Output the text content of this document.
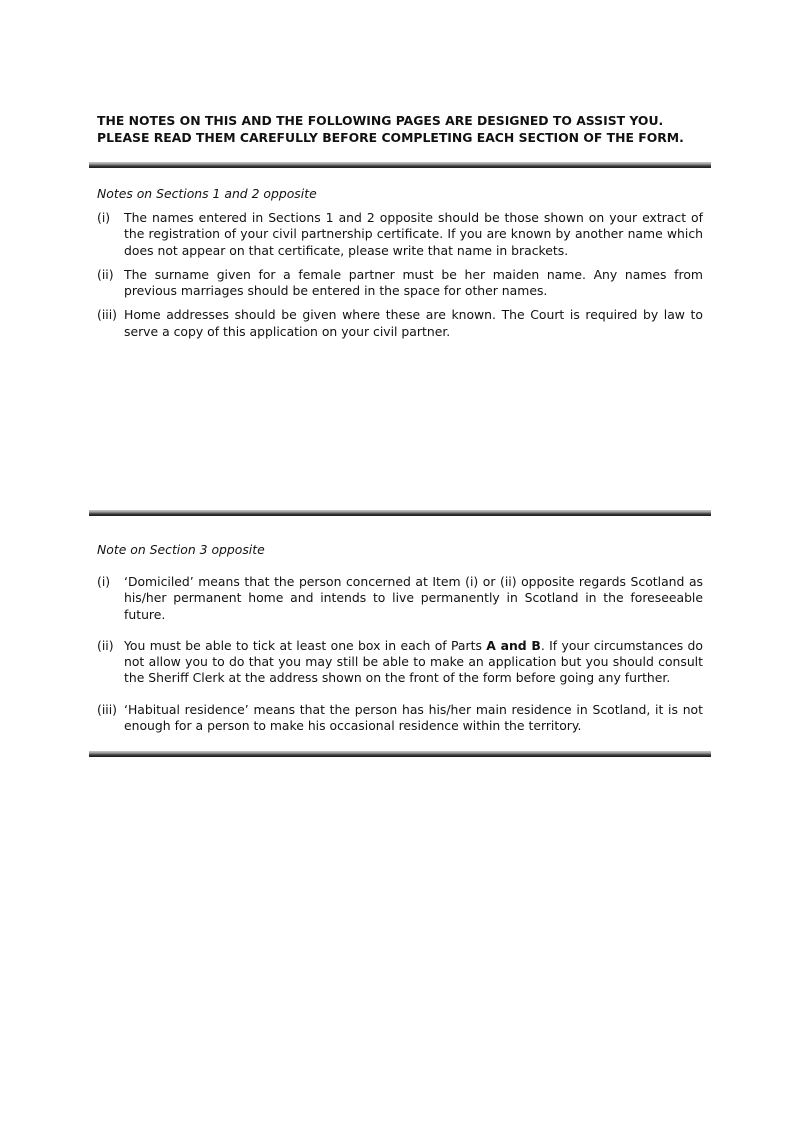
THE NOTES ON THIS AND THE FOLLOWING PAGES ARE DESIGNED TO ASSIST YOU.
PLEASE READ THEM CAREFULLY BEFORE COMPLETING EACH SECTION OF THE FORM.

Notes on Sections 1 and 2 opposite

(i) The names entered in Sections 1 and 2 opposite should be those shown on your extract of the registration of your civil partnership certificate. If you are known by another name which does not appear on that certificate, please write that name in brackets.
(ii) The surname given for a female partner must be her maiden name. Any names from previous marriages should be entered in the space for other names.
(iii) Home addresses should be given where these are known. The Court is required by law to serve a copy of this application on your civil partner.

Note on Section 3 opposite

(i) ‘Domiciled’ means that the person concerned at Item (i) or (ii) opposite regards Scotland as his/her permanent home and intends to live permanently in Scotland in the foreseeable future.
(ii) You must be able to tick at least one box in each of Parts A and B. If your circumstances do not allow you to do that you may still be able to make an application but you should consult the Sheriff Clerk at the address shown on the front of the form before going any further.
(iii) ‘Habitual residence’ means that the person has his/her main residence in Scotland, it is not enough for a person to make his occasional residence within the territory.
